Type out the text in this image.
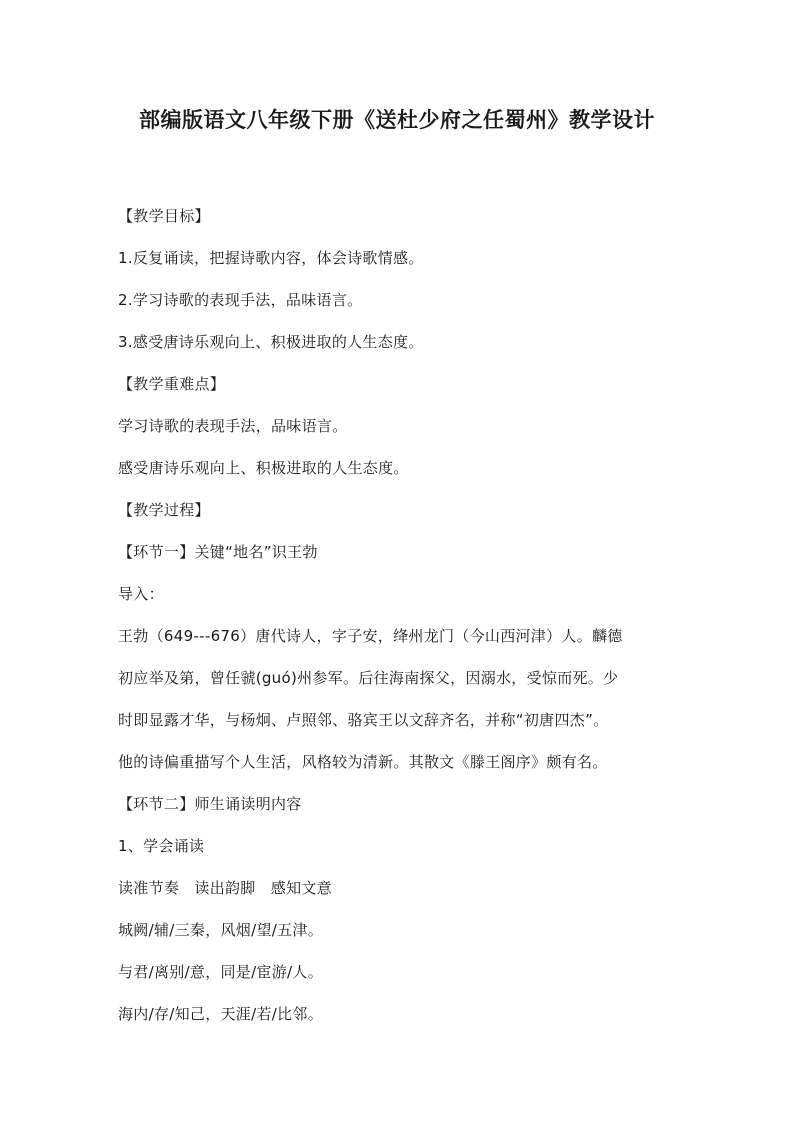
部编版语文八年级下册《送杜少府之任蜀州》教学设计
【教学目标】
1.反复诵读，把握诗歌内容，体会诗歌情感。
2.学习诗歌的表现手法，品味语言。
3.感受唐诗乐观向上、积极进取的人生态度。
【教学重难点】
学习诗歌的表现手法，品味语言。
感受唐诗乐观向上、积极进取的人生态度。
【教学过程】
【环节一】关键“地名”识王勃
导入：
王勃（649---676）唐代诗人，字子安，绛州龙门（今山西河津）人。麟德
初应举及第，曾任虢(guó)州参军。后往海南探父，因溺水，受惊而死。少
时即显露才华，与杨炯、卢照邻、骆宾王以文辞齐名，并称“初唐四杰”。
他的诗偏重描写个人生活，风格较为清新。其散文《滕王阁序》颇有名。
【环节二】师生诵读明内容
1、学会诵读
读准节奏   读出韵脚   感知文意
城阙/辅/三秦，风烟/望/五津。
与君/离别/意，同是/宦游/人。
海内/存/知己，天涯/若/比邻。
